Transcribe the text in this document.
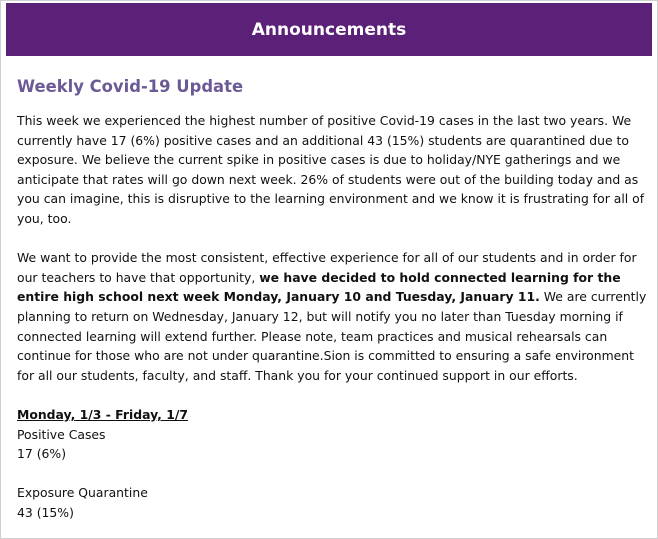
Announcements
Weekly Covid-19 Update

This week we experienced the highest number of positive Covid-19 cases in the last two years. We currently have 17 (6%) positive cases and an additional 43 (15%) students are quarantined due to exposure. We believe the current spike in positive cases is due to holiday/NYE gatherings and we anticipate that rates will go down next week. 26% of students were out of the building today and as you can imagine, this is disruptive to the learning environment and we know it is frustrating for all of you, too.

We want to provide the most consistent, effective experience for all of our students and in order for our teachers to have that opportunity, we have decided to hold connected learning for the entire high school next week Monday, January 10 and Tuesday, January 11. We are currently planning to return on Wednesday, January 12, but will notify you no later than Tuesday morning if connected learning will extend further. Please note, team practices and musical rehearsals can continue for those who are not under quarantine.Sion is committed to ensuring a safe environment for all our students, faculty, and staff. Thank you for your continued support in our efforts.

Monday, 1/3 - Friday, 1/7
Positive Cases
17 (6%)
Exposure Quarantine
43 (15%)
